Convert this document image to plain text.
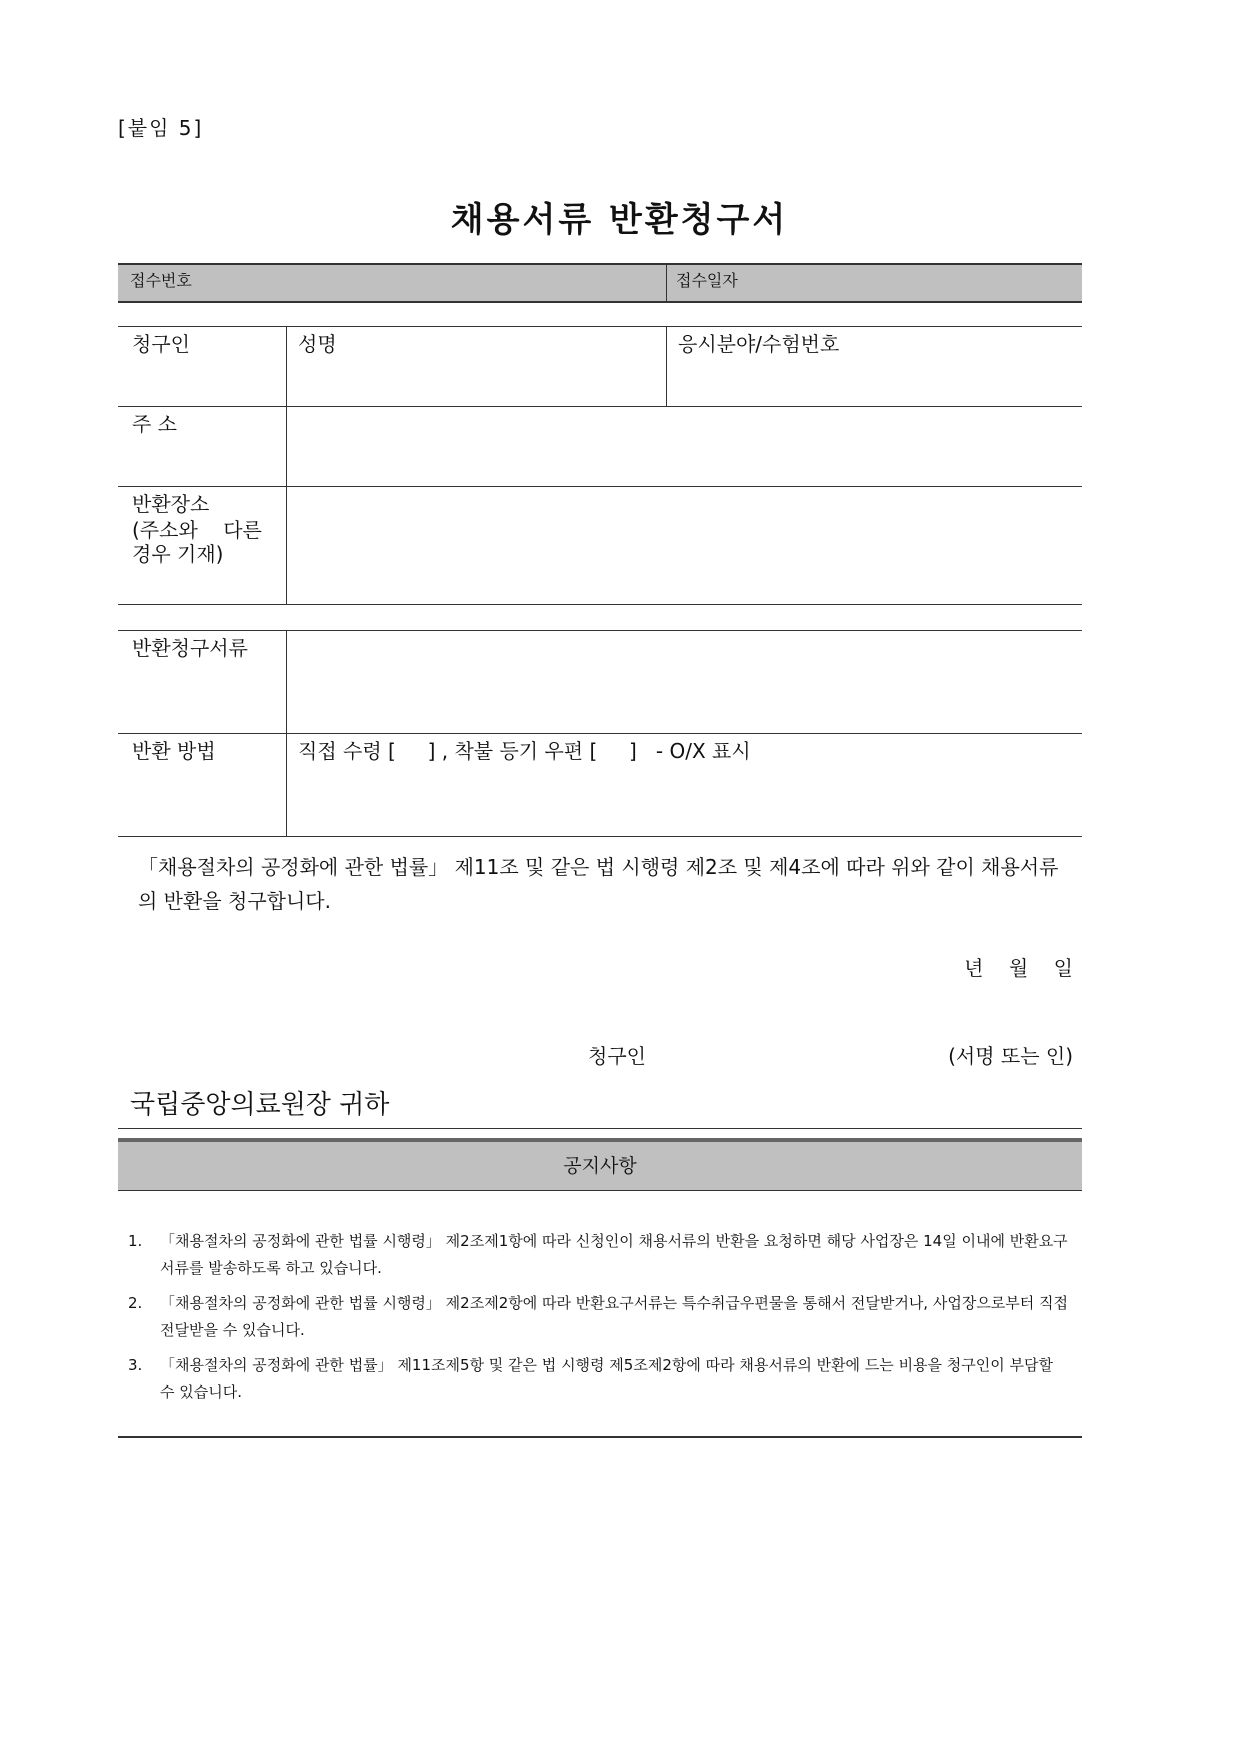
[붙임 5]
채용서류 반환청구서
접수번호	접수일자
청구인	성명	응시분야/수험번호
주 소
반환장소
(주소와    다른
경우 기재)
반환청구서류
반환 방법	직접 수령 [     ] , 착불 등기 우편 [     ]   - O/X 표시
「채용절차의 공정화에 관한 법률」 제11조 및 같은 법 시행령 제2조 및 제4조에 따라 위와 같이 채용서류의 반환을 청구합니다.
년    월    일
청구인	(서명 또는 인)
국립중앙의료원장 귀하
공지사항
1.	「채용절차의 공정화에 관한 법률 시행령」 제2조제1항에 따라 신청인이 채용서류의 반환을 요청하면 해당 사업장은 14일 이내에 반환요구서류를 발송하도록 하고 있습니다.
2.	「채용절차의 공정화에 관한 법률 시행령」 제2조제2항에 따라 반환요구서류는 특수취급우편물을 통해서 전달받거나, 사업장으로부터 직접 전달받을 수 있습니다.
3.	「채용절차의 공정화에 관한 법률」 제11조제5항 및 같은 법 시행령 제5조제2항에 따라 채용서류의 반환에 드는 비용을 청구인이 부담할 수 있습니다.
